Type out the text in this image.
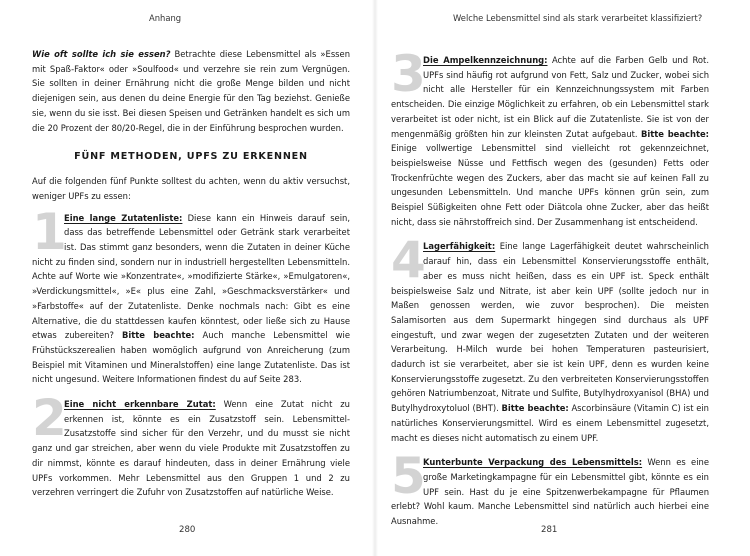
Anhang

Wie oft sollte ich sie essen? Betrachte diese Lebensmittel als »Essen mit Spaß-Faktor« oder »Soulfood« und verzehre sie rein zum Vergnügen. Sie sollten in deiner Ernährung nicht die große Menge bilden und nicht diejenigen sein, aus denen du deine Energie für den Tag beziehst. Genieße sie, wenn du sie isst. Bei diesen Speisen und Getränken handelt es sich um die 20 Prozent der 80/20-Regel, die in der Einführung besprochen wurden.

FÜNF METHODEN, UPFS ZU ERKENNEN

Auf die folgenden fünf Punkte solltest du achten, wenn du aktiv versuchst, weniger UPFs zu essen:

1

Eine lange Zutatenliste: Diese kann ein Hinweis darauf sein, dass das betreffende Lebensmittel oder Getränk stark verarbeitet ist. Das stimmt ganz besonders, wenn die Zutaten in deiner Küche nicht zu finden sind, sondern nur in industriell hergestellten Lebensmitteln. Achte auf Worte wie »Konzentrate«, »modifizierte Stärke«, »Emulgatoren«, »Verdickungsmittel«, »E« plus eine Zahl, »Geschmacksverstärker« und »Farbstoffe« auf der Zutatenliste. Denke nochmals nach: Gibt es eine Alternative, die du stattdessen kaufen könntest, oder ließe sich zu Hause etwas zubereiten? Bitte beachte: Auch manche Lebensmittel wie Frühstückszerealien haben womöglich aufgrund von Anreicherung (zum Beispiel mit Vitaminen und Mineralstoffen) eine lange Zutatenliste. Das ist nicht ungesund. Weitere Informationen findest du auf Seite 283.

2

Eine nicht erkennbare Zutat: Wenn eine Zutat nicht zu erkennen ist, könnte es ein Zusatzstoff sein. Lebensmittel-Zusatzstoffe sind sicher für den Verzehr, und du musst sie nicht ganz und gar streichen, aber wenn du viele Produkte mit Zusatzstoffen zu dir nimmst, könnte es darauf hindeuten, dass in deiner Ernährung viele UPFs vorkommen. Mehr Lebensmittel aus den Gruppen 1 und 2 zu verzehren verringert die Zufuhr von Zusatzstoffen auf natürliche Weise.

280
Welche Lebensmittel sind als stark verarbeitet klassifiziert?
3

Die Ampelkennzeichnung: Achte auf die Farben Gelb und Rot. UPFs sind häufig rot aufgrund von Fett, Salz und Zucker, wobei sich nicht alle Hersteller für ein Kennzeichnungssystem mit Farben entscheiden. Die einzige Möglichkeit zu erfahren, ob ein Lebensmittel stark verarbeitet ist oder nicht, ist ein Blick auf die Zutatenliste. Sie ist von der mengenmäßig größten hin zur kleinsten Zutat aufgebaut. Bitte beachte: Einige vollwertige Lebensmittel sind vielleicht rot gekennzeichnet, beispielsweise Nüsse und Fettfisch wegen des (gesunden) Fetts oder Trockenfrüchte wegen des Zuckers, aber das macht sie auf keinen Fall zu ungesunden Lebensmitteln. Und manche UPFs können grün sein, zum Beispiel Süßigkeiten ohne Fett oder Diätcola ohne Zucker, aber das heißt nicht, dass sie nährstoffreich sind. Der Zusammenhang ist entscheidend.

4

Lagerfähigkeit: Eine lange Lagerfähigkeit deutet wahrscheinlich darauf hin, dass ein Lebensmittel Konservierungsstoffe enthält, aber es muss nicht heißen, dass es ein UPF ist. Speck enthält beispielsweise Salz und Nitrate, ist aber kein UPF (sollte jedoch nur in Maßen genossen werden, wie zuvor besprochen). Die meisten Salamisorten aus dem Supermarkt hingegen sind durchaus als UPF eingestuft, und zwar wegen der zugesetzten Zutaten und der weiteren Verarbeitung. H-Milch wurde bei hohen Temperaturen pasteurisiert, dadurch ist sie verarbeitet, aber sie ist kein UPF, denn es wurden keine Konservierungsstoffe zugesetzt. Zu den verbreiteten Konservierungsstoffen gehören Natriumbenzoat, Nitrate und Sulfite, Butylhydroxyanisol (BHA) und Butylhydroxytoluol (BHT). Bitte beachte: Ascorbinsäure (Vitamin C) ist ein natürliches Konservierungsmittel. Wird es einem Lebensmittel zugesetzt, macht es dieses nicht automatisch zu einem UPF.

5

Kunterbunte Verpackung des Lebensmittels: Wenn es eine große Marketingkampagne für ein Lebensmittel gibt, könnte es ein UPF sein. Hast du je eine Spitzenwerbekampagne für Pflaumen erlebt? Wohl kaum. Manche Lebensmittel sind natürlich auch hierbei eine Ausnahme.

281
